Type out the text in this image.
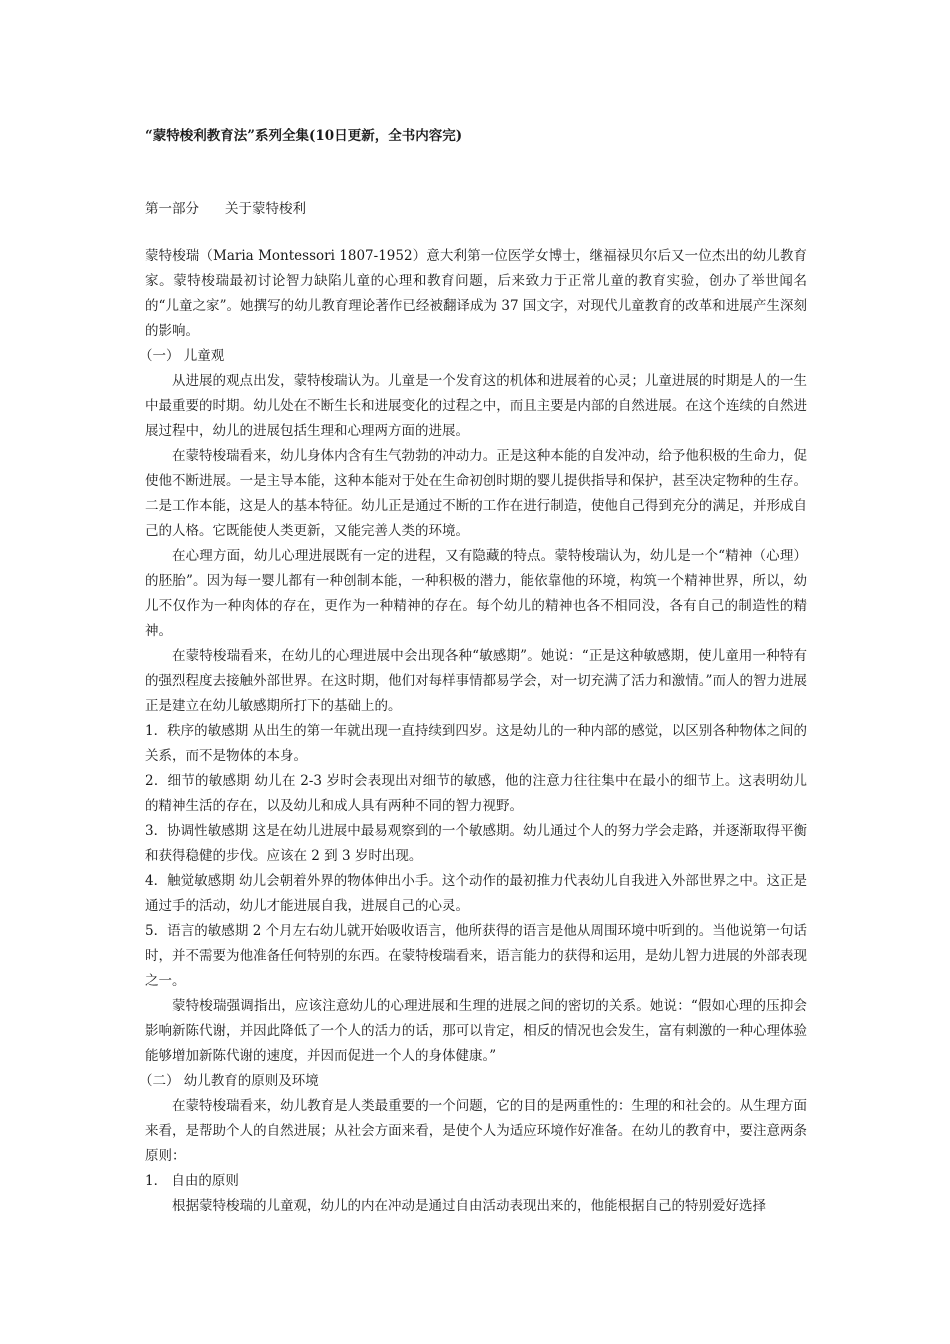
“蒙特梭利教育法”系列全集(10日更新，全书内容完)
第一部分 关于蒙特梭利

蒙特梭瑞（Maria Montessori 1807-1952）意大利第一位医学女博士，继福禄贝尔后又一位杰出的幼儿教育家。蒙特梭瑞最初讨论智力缺陷儿童的心理和教育问题，后来致力于正常儿童的教育实验，创办了举世闻名的“儿童之家”。她撰写的幼儿教育理论著作已经被翻译成为 37 国文字，对现代儿童教育的改革和进展产生深刻的影响。

（一） 儿童观

从进展的观点出发，蒙特梭瑞认为。儿童是一个发育这的机体和进展着的心灵；儿童进展的时期是人的一生中最重要的时期。幼儿处在不断生长和进展变化的过程之中，而且主要是内部的自然进展。在这个连续的自然进展过程中，幼儿的进展包括生理和心理两方面的进展。

在蒙特梭瑞看来，幼儿身体内含有生气勃勃的冲动力。正是这种本能的自发冲动，给予他积极的生命力，促使他不断进展。一是主导本能，这种本能对于处在生命初创时期的婴儿提供指导和保护，甚至决定物种的生存。二是工作本能，这是人的基本特征。幼儿正是通过不断的工作在进行制造，使他自己得到充分的满足，并形成自己的人格。它既能使人类更新，又能完善人类的环境。

在心理方面，幼儿心理进展既有一定的进程，又有隐藏的特点。蒙特梭瑞认为，幼儿是一个“精神（心理）的胚胎”。因为每一婴儿都有一种创制本能，一种积极的潜力，能依靠他的环境，构筑一个精神世界，所以，幼儿不仅作为一种肉体的存在，更作为一种精神的存在。每个幼儿的精神也各不相同没，各有自己的制造性的精神。

在蒙特梭瑞看来，在幼儿的心理进展中会出现各种“敏感期”。她说：“正是这种敏感期，使儿童用一种特有的强烈程度去接触外部世界。在这时期，他们对每样事情都易学会，对一切充满了活力和激情。”而人的智力进展正是建立在幼儿敏感期所打下的基础上的。

1．秩序的敏感期 从出生的第一年就出现一直持续到四岁。这是幼儿的一种内部的感觉，以区别各种物体之间的关系，而不是物体的本身。

2．细节的敏感期 幼儿在 2-3 岁时会表现出对细节的敏感，他的注意力往往集中在最小的细节上。这表明幼儿的精神生活的存在，以及幼儿和成人具有两种不同的智力视野。

3．协调性敏感期 这是在幼儿进展中最易观察到的一个敏感期。幼儿通过个人的努力学会走路，并逐渐取得平衡和获得稳健的步伐。应该在 2 到 3 岁时出现。

4．触觉敏感期 幼儿会朝着外界的物体伸出小手。这个动作的最初推力代表幼儿自我进入外部世界之中。这正是通过手的活动，幼儿才能进展自我，进展自己的心灵。

5．语言的敏感期 2 个月左右幼儿就开始吸收语言，他所获得的语言是他从周围环境中听到的。当他说第一句话时，并不需要为他准备任何特别的东西。在蒙特梭瑞看来，语言能力的获得和运用，是幼儿智力进展的外部表现之一。

蒙特梭瑞强调指出，应该注意幼儿的心理进展和生理的进展之间的密切的关系。她说：“假如心理的压抑会影响新陈代谢，并因此降低了一个人的活力的话，那可以肯定，相反的情况也会发生，富有刺激的一种心理体验能够增加新陈代谢的速度，并因而促进一个人的身体健康。”

（二） 幼儿教育的原则及环境

在蒙特梭瑞看来，幼儿教育是人类最重要的一个问题，它的目的是两重性的：生理的和社会的。从生理方面来看，是帮助个人的自然进展；从社会方面来看，是使个人为适应环境作好准备。在幼儿的教育中，要注意两条原则：

1． 自由的原则

根据蒙特梭瑞的儿童观，幼儿的内在冲动是通过自由活动表现出来的，他能根据自己的特别爱好选择
